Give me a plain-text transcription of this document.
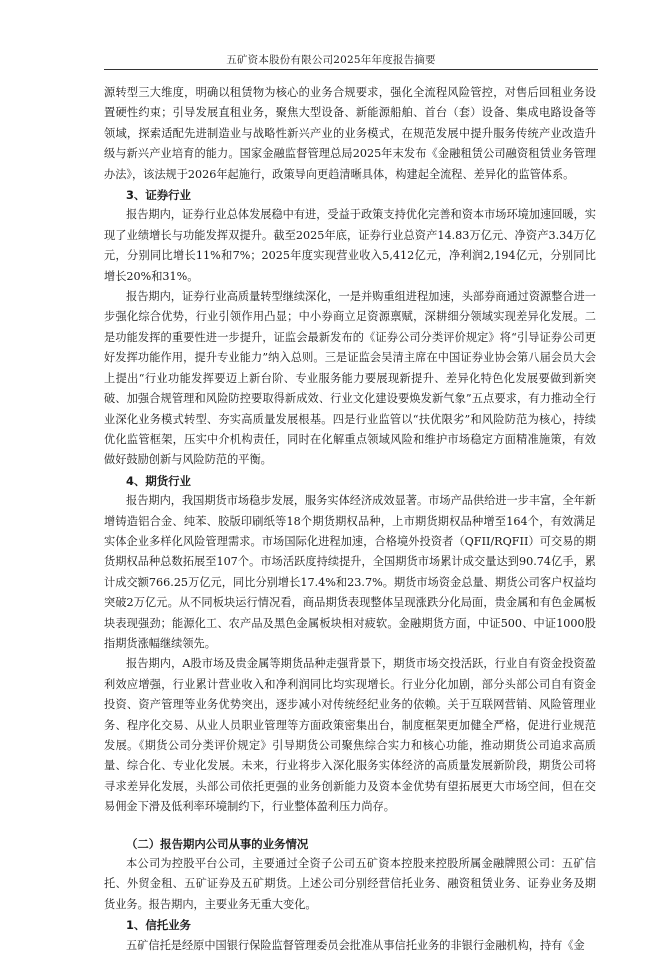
五矿资本股份有限公司2025年年度报告摘要

源转型三大维度，明确以租赁物为核心的业务合规要求，强化全流程风险管控，对售后回租业务设置硬性约束；引导发展直租业务，聚焦大型设备、新能源船舶、首台（套）设备、集成电路设备等领域，探索适配先进制造业与战略性新兴产业的业务模式，在规范发展中提升服务传统产业改造升级与新兴产业培育的能力。国家金融监督管理总局2025年末发布《金融租赁公司融资租赁业务管理办法》，该法规于2026年起施行，政策导向更趋清晰具体，构建起全流程、差异化的监管体系。

3、证券行业

报告期内，证券行业总体发展稳中有进，受益于政策支持优化完善和资本市场环境加速回暖，实现了业绩增长与功能发挥双提升。截至2025年底，证券行业总资产14.83万亿元、净资产3.34万亿元，分别同比增长11%和7%；2025年度实现营业收入5,412亿元，净利润2,194亿元，分别同比增长20%和31%。

报告期内，证券行业高质量转型继续深化，一是并购重组进程加速，头部券商通过资源整合进一步强化综合优势，行业引领作用凸显；中小券商立足资源禀赋，深耕细分领域实现差异化发展。二是功能发挥的重要性进一步提升，证监会最新发布的《证券公司分类评价规定》将“引导证券公司更好发挥功能作用，提升专业能力”纳入总则。三是证监会吴清主席在中国证券业协会第八届会员大会上提出“行业功能发挥要迈上新台阶、专业服务能力要展现新提升、差异化特色化发展要做到新突破、加强合规管理和风险防控要取得新成效、行业文化建设要焕发新气象”五点要求，有力推动全行业深化业务模式转型、夯实高质量发展根基。四是行业监管以“扶优限劣”和风险防范为核心，持续优化监管框架，压实中介机构责任，同时在化解重点领域风险和维护市场稳定方面精准施策，有效做好鼓励创新与风险防范的平衡。

4、期货行业

报告期内，我国期货市场稳步发展，服务实体经济成效显著。市场产品供给进一步丰富，全年新增铸造铝合金、纯苯、胶版印刷纸等18个期货期权品种，上市期货期权品种增至164个，有效满足实体企业多样化风险管理需求。市场国际化进程加速，合格境外投资者（QFII/RQFII）可交易的期货期权品种总数拓展至107个。市场活跃度持续提升，全国期货市场累计成交量达到90.74亿手，累计成交额766.25万亿元，同比分别增长17.4%和23.7%。期货市场资金总量、期货公司客户权益均突破2万亿元。从不同板块运行情况看，商品期货表现整体呈现涨跌分化局面，贵金属和有色金属板块表现强劲；能源化工、农产品及黑色金属板块相对疲软。金融期货方面，中证500、中证1000股指期货涨幅继续领先。

报告期内，A股市场及贵金属等期货品种走强背景下，期货市场交投活跃，行业自有资金投资盈利效应增强，行业累计营业收入和净利润同比均实现增长。行业分化加剧，部分头部公司自有资金投资、资产管理等业务优势突出，逐步减小对传统经纪业务的依赖。关于互联网营销、风险管理业务、程序化交易、从业人员职业管理等方面政策密集出台，制度框架更加健全严格，促进行业规范发展。《期货公司分类评价规定》引导期货公司聚焦综合实力和核心功能，推动期货公司追求高质量、综合化、专业化发展。未来，行业将步入深化服务实体经济的高质量发展新阶段，期货公司将寻求差异化发展，头部公司依托更强的业务创新能力及资本金优势有望拓展更大市场空间，但在交易佣金下滑及低利率环境制约下，行业整体盈利压力尚存。

（二）报告期内公司从事的业务情况

本公司为控股平台公司，主要通过全资子公司五矿资本控股来控股所属金融牌照公司：五矿信托、外贸金租、五矿证券及五矿期货。上述公司分别经营信托业务、融资租赁业务、证券业务及期货业务。报告期内，主要业务无重大变化。

1、信托业务

五矿信托是经原中国银行保险监督管理委员会批准从事信托业务的非银行金融机构，持有《金
